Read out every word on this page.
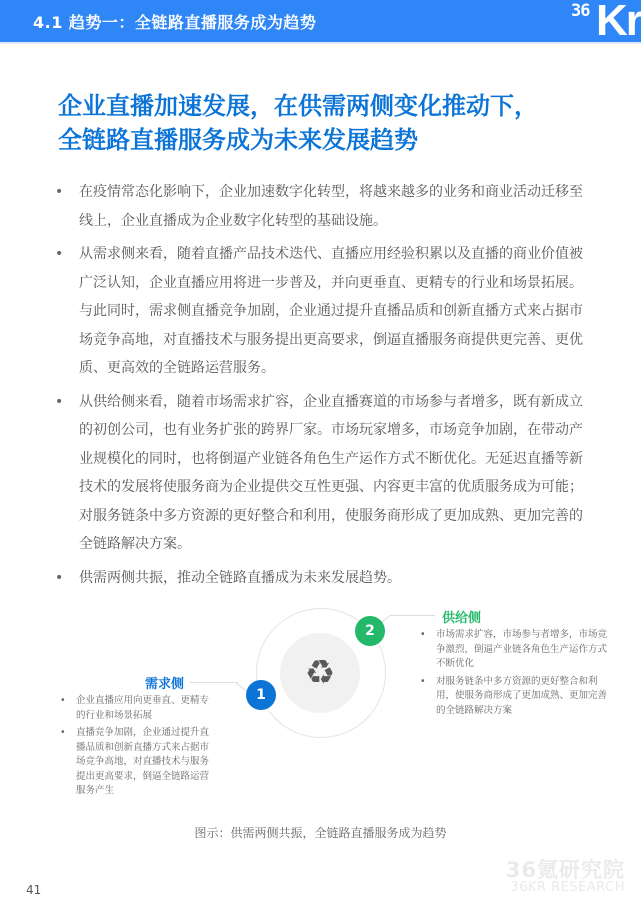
4.1 趋势一：全链路直播服务成为趋势
36 Kr
企业直播加速发展，在供需两侧变化推动下，
全链路直播服务成为未来发展趋势
• 在疫情常态化影响下，企业加速数字化转型，将越来越多的业务和商业活动迁移至线上，企业直播成为企业数字化转型的基础设施。
• 从需求侧来看，随着直播产品技术迭代、直播应用经验积累以及直播的商业价值被广泛认知，企业直播应用将进一步普及，并向更垂直、更精专的行业和场景拓展。与此同时，需求侧直播竞争加剧，企业通过提升直播品质和创新直播方式来占据市场竞争高地，对直播技术与服务提出更高要求，倒逼直播服务商提供更完善、更优质、更高效的全链路运营服务。
• 从供给侧来看，随着市场需求扩容，企业直播赛道的市场参与者增多，既有新成立的初创公司，也有业务扩张的跨界厂家。市场玩家增多，市场竞争加剧，在带动产业规模化的同时，也将倒逼产业链各角色生产运作方式不断优化。无延迟直播等新技术的发展将使服务商为企业提供交互性更强、内容更丰富的优质服务成为可能；对服务链条中多方资源的更好整合和利用，使服务商形成了更加成熟、更加完善的全链路解决方案。
• 供需两侧共振，推动全链路直播成为未来发展趋势。
♻
1
2
需求侧
• 企业直播应用向更垂直、更精专的行业和场景拓展
• 直播竞争加剧，企业通过提升直播品质和创新直播方式来占据市场竞争高地，对直播技术与服务提出更高要求，倒逼全链路运营服务产生
供给侧
• 市场需求扩容，市场参与者增多，市场竞争激烈，倒逼产业链各角色生产运作方式不断优化
• 对服务链条中多方资源的更好整合和利用，使服务商形成了更加成熟、更加完善的全链路解决方案
图示：供需两侧共振，全链路直播服务成为趋势
41
36氪研究院
36KR RESEARCH
